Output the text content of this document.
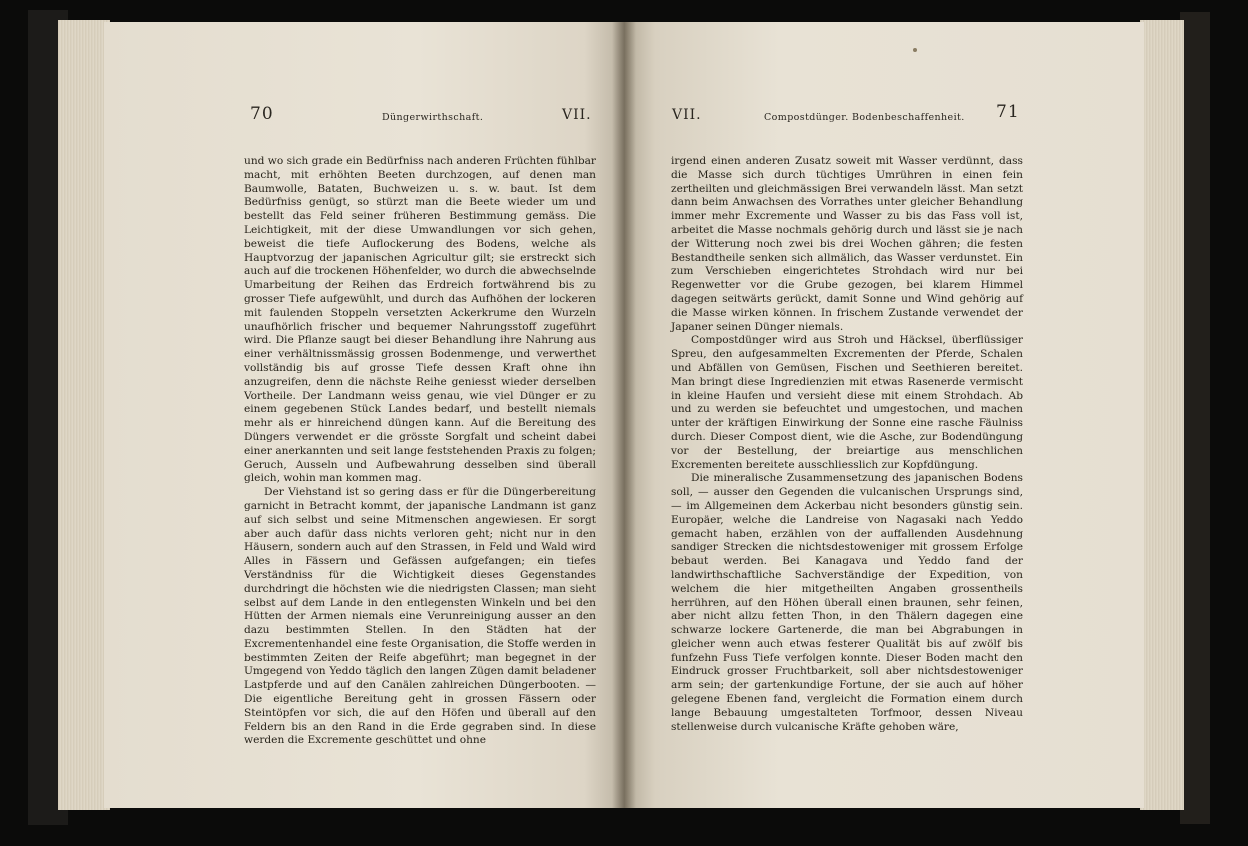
70	Düngerwirthschaft.	VII.

und wo sich grade ein Bedürfniss nach anderen Früchten fühlbar macht, mit erhöhten Beeten durchzogen, auf denen man Baumwolle, Bataten, Buchweizen u. s. w. baut. Ist dem Bedürfniss genügt, so stürzt man die Beete wieder um und bestellt das Feld seiner früheren Bestimmung gemäss. Die Leichtigkeit, mit der diese Umwandlungen vor sich gehen, beweist die tiefe Auflockerung des Bodens, welche als Hauptvorzug der japanischen Agricultur gilt; sie erstreckt sich auch auf die trockenen Höhenfelder, wo durch die abwechselnde Umarbeitung der Reihen das Erdreich fortwährend bis zu grosser Tiefe aufgewühlt, und durch das Aufhöhen der lockeren mit faulenden Stoppeln versetzten Ackerkrume den Wurzeln unaufhörlich frischer und bequemer Nahrungsstoff zugeführt wird. Die Pflanze saugt bei dieser Behandlung ihre Nahrung aus einer verhältnissmässig grossen Bodenmenge, und verwerthet vollständig bis auf grosse Tiefe dessen Kraft ohne ihn anzugreifen, denn die nächste Reihe geniesst wieder derselben Vortheile. Der Landmann weiss genau, wie viel Dünger er zu einem gegebenen Stück Landes bedarf, und bestellt niemals mehr als er hinreichend düngen kann. Auf die Bereitung des Düngers verwendet er die grösste Sorgfalt und scheint dabei einer anerkannten und seit lange feststehenden Praxis zu folgen; Geruch, Ausseln und Aufbewahrung desselben sind überall gleich, wohin man kommen mag.

Der Viehstand ist so gering dass er für die Düngerbereitung garnicht in Betracht kommt, der japanische Landmann ist ganz auf sich selbst und seine Mitmenschen angewiesen. Er sorgt aber auch dafür dass nichts verloren geht; nicht nur in den Häusern, sondern auch auf den Strassen, in Feld und Wald wird Alles in Fässern und Gefässen aufgefangen; ein tiefes Verständniss für die Wichtigkeit dieses Gegenstandes durchdringt die höchsten wie die niedrigsten Classen; man sieht selbst auf dem Lande in den entlegensten Winkeln und bei den Hütten der Armen niemals eine Verunreinigung ausser an den dazu bestimmten Stellen. In den Städten hat der Excrementenhandel eine feste Organisation, die Stoffe werden in bestimmten Zeiten der Reife abgeführt; man begegnet in der Umgegend von Yeddo täglich den langen Zügen damit beladener Lastpferde und auf den Canälen zahlreichen Düngerbooten. — Die eigentliche Bereitung geht in grossen Fässern oder Steintöpfen vor sich, die auf den Höfen und überall auf den Feldern bis an den Rand in die Erde gegraben sind. In diese werden die Excremente geschüttet und ohne

VII.	Compostdünger. Bodenbeschaffenheit. 71

irgend einen anderen Zusatz soweit mit Wasser verdünnt, dass die Masse sich durch tüchtiges Umrühren in einen fein zertheilten und gleichmässigen Brei verwandeln lässt. Man setzt dann beim Anwachsen des Vorrathes unter gleicher Behandlung immer mehr Excremente und Wasser zu bis das Fass voll ist, arbeitet die Masse nochmals gehörig durch und lässt sie je nach der Witterung noch zwei bis drei Wochen gähren; die festen Bestandtheile senken sich allmälich, das Wasser verdunstet. Ein zum Verschieben eingerichtetes Strohdach wird nur bei Regenwetter vor die Grube gezogen, bei klarem Himmel dagegen seitwärts gerückt, damit Sonne und Wind gehörig auf die Masse wirken können. In frischem Zustande verwendet der Japaner seinen Dünger niemals.

Compostdünger wird aus Stroh und Häcksel, überflüssiger Spreu, den aufgesammelten Excrementen der Pferde, Schalen und Abfällen von Gemüsen, Fischen und Seethieren bereitet. Man bringt diese Ingredienzien mit etwas Rasenerde vermischt in kleine Haufen und versieht diese mit einem Strohdach. Ab und zu werden sie befeuchtet und umgestochen, und machen unter der kräftigen Einwirkung der Sonne eine rasche Fäulniss durch. Dieser Compost dient, wie die Asche, zur Bodendüngung vor der Bestellung, der breiartige aus menschlichen Excrementen bereitete ausschliesslich zur Kopfdüngung.

Die mineralische Zusammensetzung des japanischen Bodens soll, — ausser den Gegenden die vulcanischen Ursprungs sind, — im Allgemeinen dem Ackerbau nicht besonders günstig sein. Europäer, welche die Landreise von Nagasaki nach Yeddo gemacht haben, erzählen von der auffallenden Ausdehnung sandiger Strecken die nichtsdestoweniger mit grossem Erfolge bebaut werden. Bei Kanagava und Yeddo fand der landwirthschaftliche Sachverständige der Expedition, von welchem die hier mitgetheilten Angaben grossentheils herrühren, auf den Höhen überall einen braunen, sehr feinen, aber nicht allzu fetten Thon, in den Thälern dagegen eine schwarze lockere Gartenerde, die man bei Abgrabungen in gleicher wenn auch etwas festerer Qualität bis auf zwölf bis funfzehn Fuss Tiefe verfolgen konnte. Dieser Boden macht den Eindruck grosser Fruchtbarkeit, soll aber nichtsdestoweniger arm sein; der gartenkundige Fortune, der sie auch auf höher gelegene Ebenen fand, vergleicht die Formation einem durch lange Bebauung umgestalteten Torfmoor, dessen Niveau stellenweise durch vulcanische Kräfte gehoben wäre,
